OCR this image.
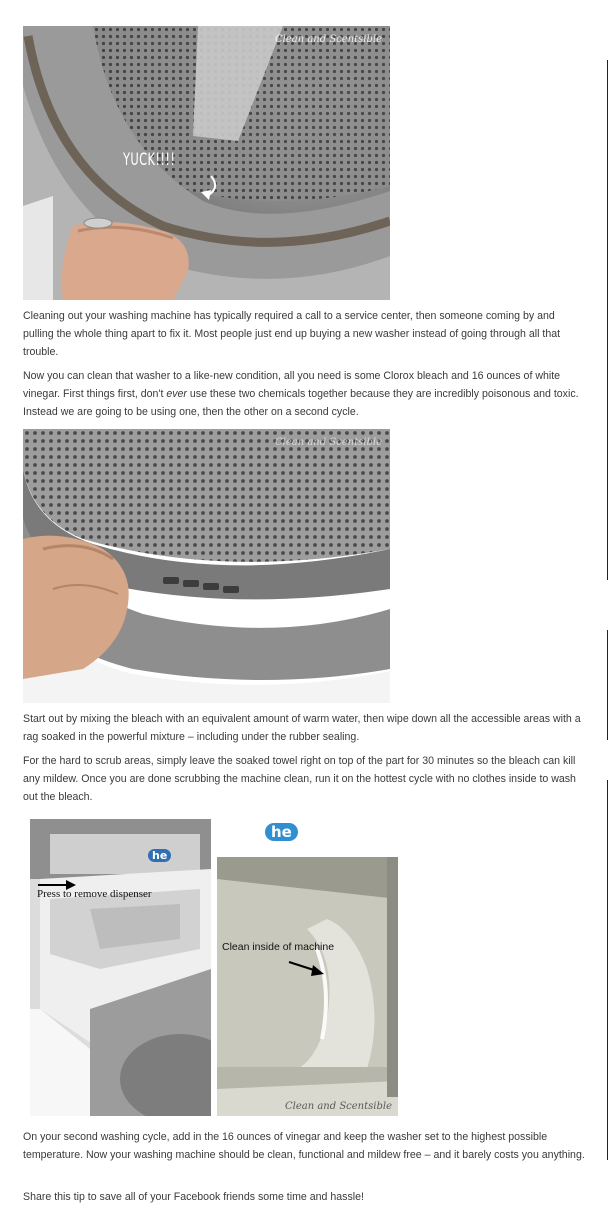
YUCK!!!!
Clean and Scentsible

Cleaning out your washing machine has typically required a call to a service center, then someone coming by and pulling the whole thing apart to fix it. Most people just end up buying a new washer instead of going through all that trouble.

Now you can clean that washer to a like-new condition, all you need is some Clorox bleach and 16 ounces of white vinegar. First things first, don't ever use these two chemicals together because they are incredibly poisonous and toxic. Instead we are going to be using one, then the other on a second cycle.

Clean and Scentsible

Start out by mixing the bleach with an equivalent amount of warm water, then wipe down all the accessible areas with a rag soaked in the powerful mixture – including under the rubber sealing.

For the hard to scrub areas, simply leave the soaked towel right on top of the part for 30 minutes so the bleach can kill any mildew. Once you are done scrubbing the machine clean, run it on the hottest cycle with no clothes inside to wash out the bleach.

he
Press to remove dispenser
he
Clean inside of machine
Clean and Scentsible

On your second washing cycle, add in the 16 ounces of vinegar and keep the washer set to the highest possible temperature. Now your washing machine should be clean, functional and mildew free – and it barely costs you anything.

Share this tip to save all of your Facebook friends some time and hassle!
